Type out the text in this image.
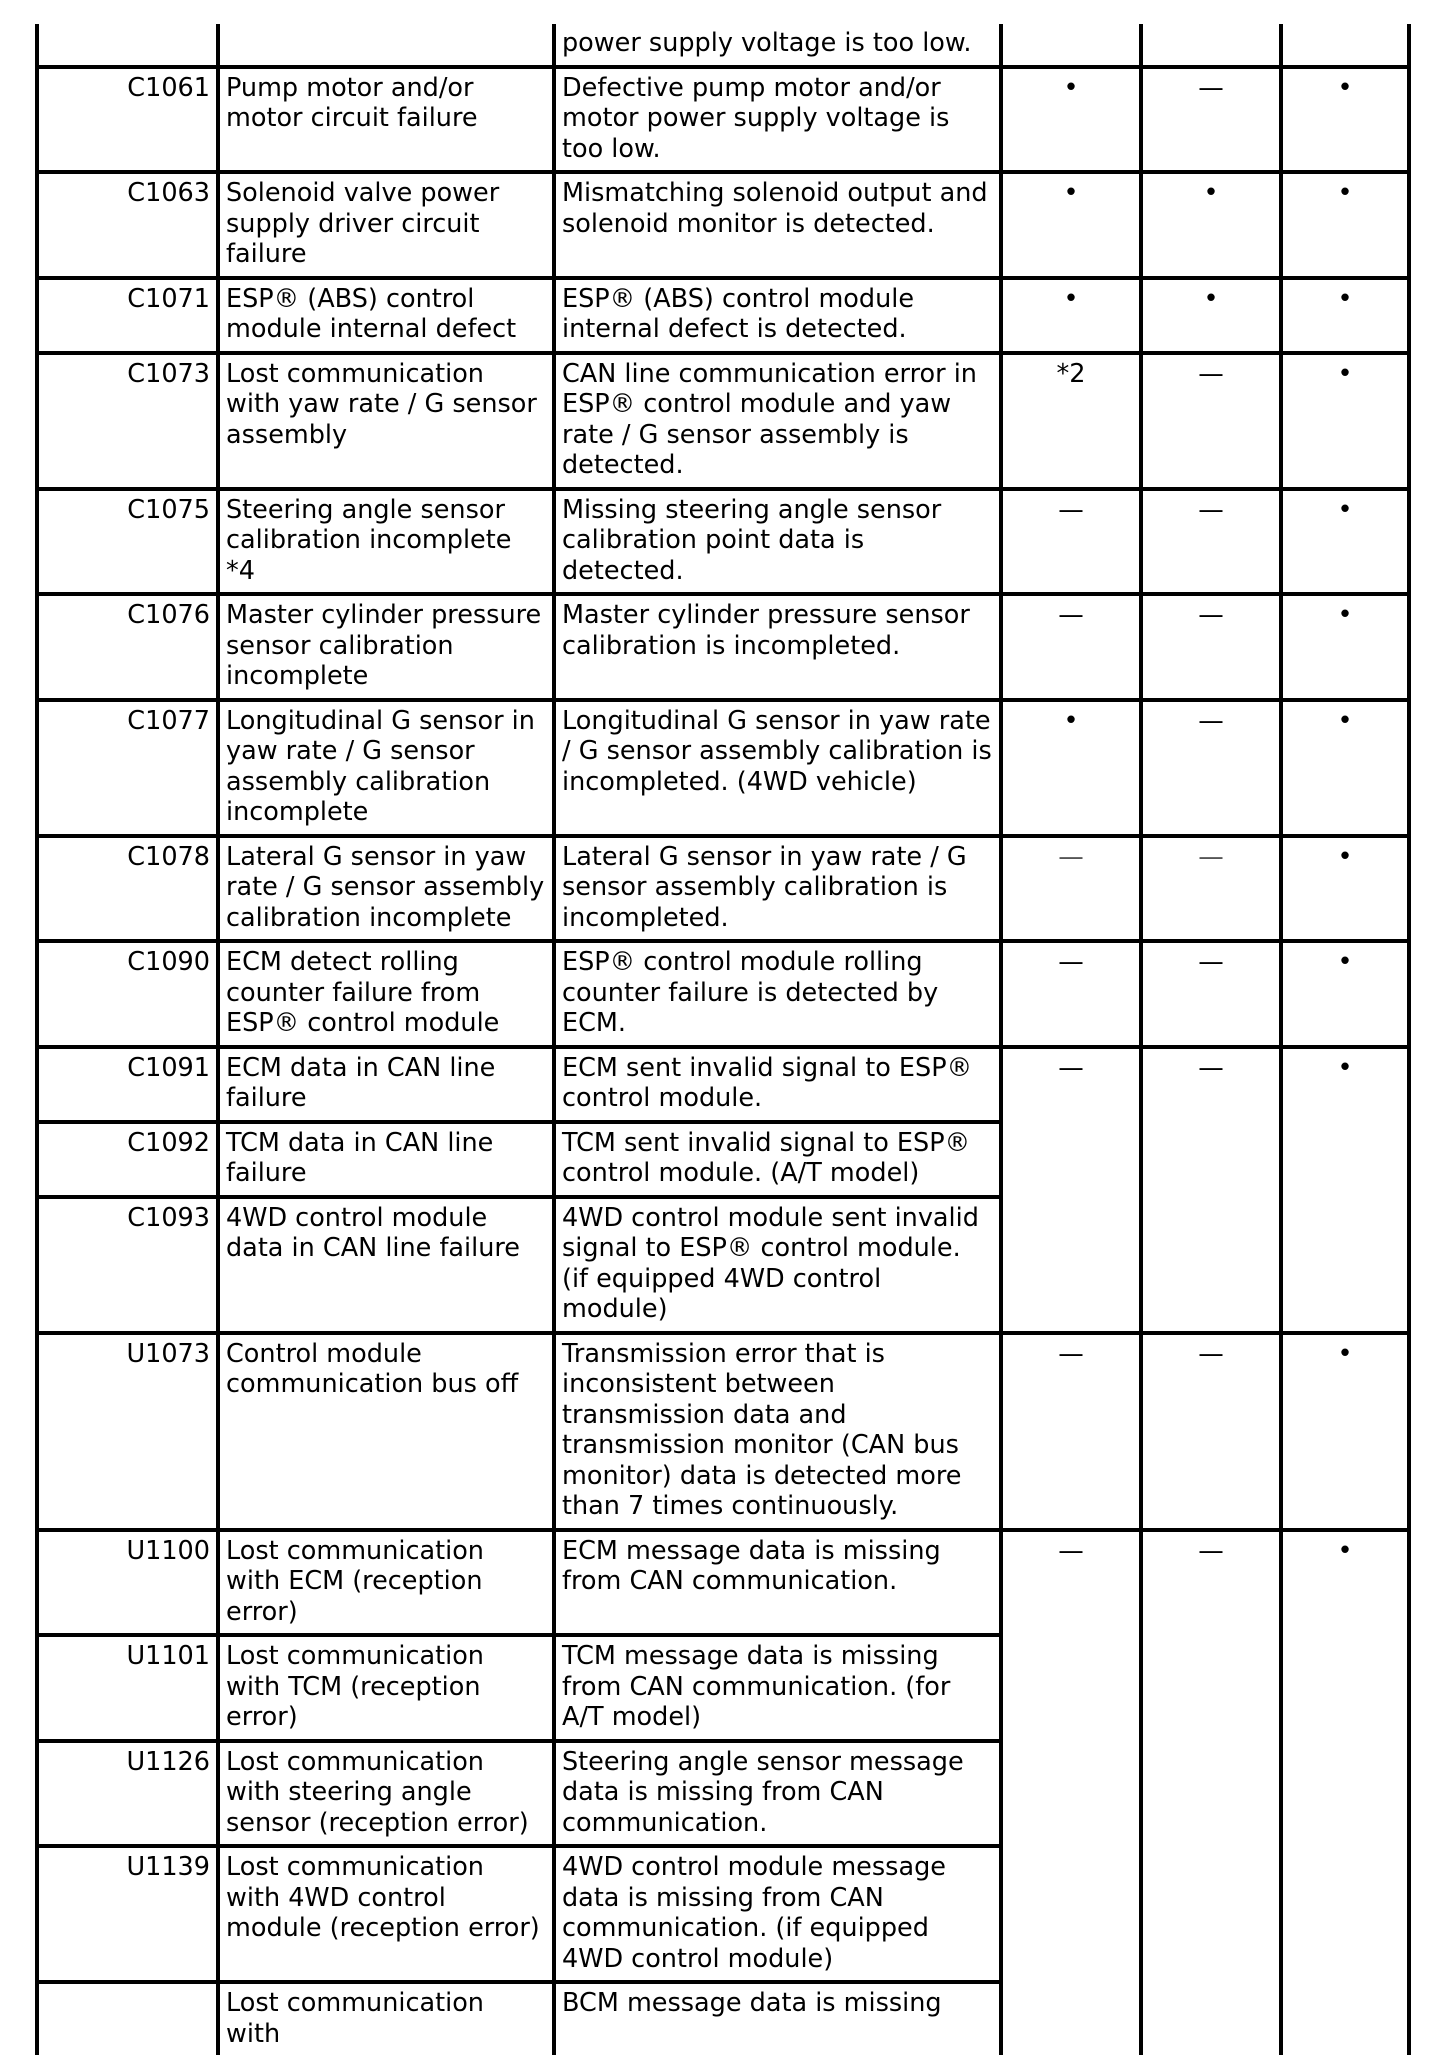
		power supply voltage is too low.			
C1061	Pump motor and/or motor circuit failure	Defective pump motor and/or motor power supply voltage is too low.	•	—	•
C1063	Solenoid valve power supply driver circuit failure	Mismatching solenoid output and solenoid monitor is detected.	•	•	•
C1071	ESP® (ABS) control module internal defect	ESP® (ABS) control module internal defect is detected.	•	•	•
C1073	Lost communication with yaw rate / G sensor assembly	CAN line communication error in ESP® control module and yaw rate / G sensor assembly is detected.	*2	—	•
C1075	Steering angle sensor calibration incomplete *4	Missing steering angle sensor calibration point data is detected.	—	—	•
C1076	Master cylinder pressure sensor calibration incomplete	Master cylinder pressure sensor calibration is incompleted.	—	—	•
C1077	Longitudinal G sensor in yaw rate / G sensor assembly calibration incomplete	Longitudinal G sensor in yaw rate / G sensor assembly calibration is incompleted. (4WD vehicle)	•	—	•
C1078	Lateral G sensor in yaw rate / G sensor assembly calibration incomplete	Lateral G sensor in yaw rate / G sensor assembly calibration is incompleted.	—	—	•
C1090	ECM detect rolling counter failure from ESP® control module	ESP® control module rolling counter failure is detected by ECM.	—	—	•
C1091	ECM data in CAN line failure	ECM sent invalid signal to ESP® control module.	—	—	•
C1092	TCM data in CAN line failure	TCM sent invalid signal to ESP® control module. (A/T model)			
C1093	4WD control module data in CAN line failure	4WD control module sent invalid signal to ESP® control module. (if equipped 4WD control module)			
U1073	Control module communication bus off	Transmission error that is inconsistent between transmission data and transmission monitor (CAN bus monitor) data is detected more than 7 times continuously.	—	—	•
U1100	Lost communication with ECM (reception error)	ECM message data is missing from CAN communication.	—	—	•
U1101	Lost communication with TCM (reception error)	TCM message data is missing from CAN communication. (for A/T model)			
U1126	Lost communication with steering angle sensor (reception error)	Steering angle sensor message data is missing from CAN communication.			
U1139	Lost communication with 4WD control module (reception error)	4WD control module message data is missing from CAN communication. (if equipped 4WD control module)			
	Lost communication with	BCM message data is missing			
